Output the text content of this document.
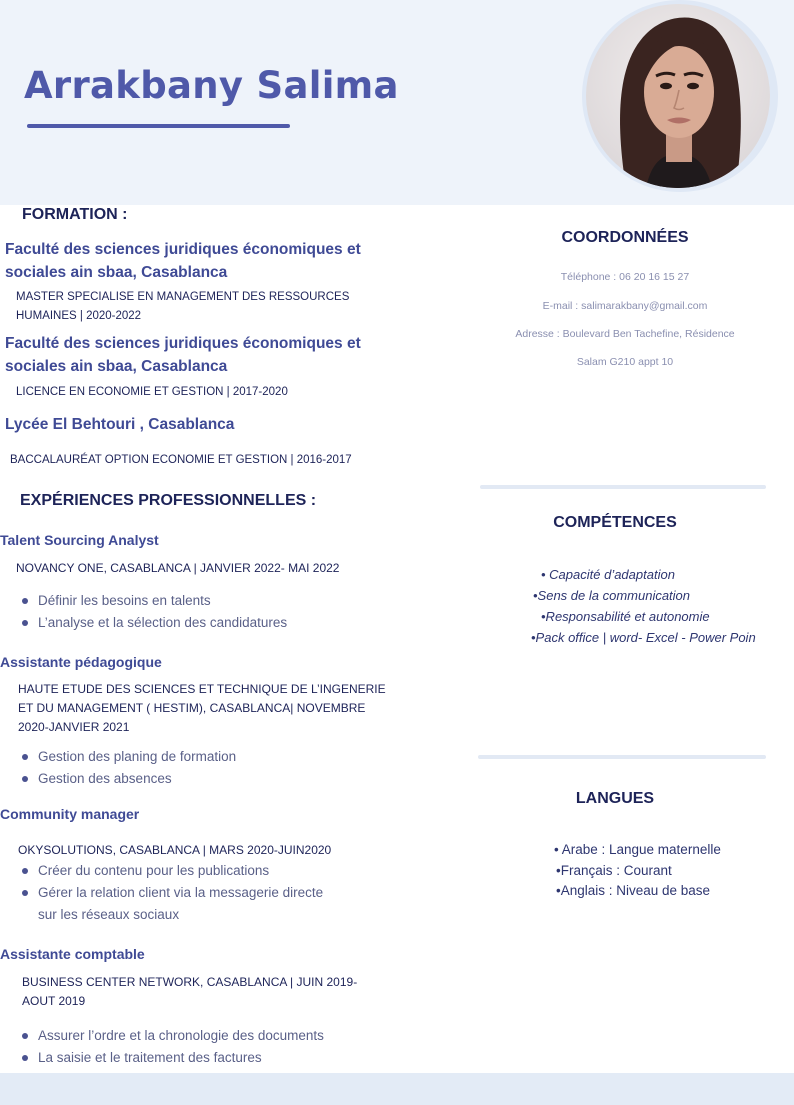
Arrakbany Salima
FORMATION :
Faculté des sciences juridiques économiques et
sociales ain sbaa, Casablanca
MASTER SPECIALISE EN MANAGEMENT DES RESSOURCES
HUMAINES | 2020-2022
Faculté des sciences juridiques économiques et
sociales ain sbaa, Casablanca
LICENCE EN ECONOMIE ET GESTION | 2017-2020
Lycée El Behtouri , Casablanca
BACCALAURÉAT OPTION ECONOMIE ET GESTION | 2016-2017
EXPÉRIENCES PROFESSIONNELLES :
Talent Sourcing Analyst
NOVANCY ONE, CASABLANCA | JANVIER 2022- MAI 2022
Définir les besoins en talents
L’analyse et la sélection des candidatures
Assistante pédagogique
HAUTE ETUDE DES SCIENCES ET TECHNIQUE DE L’INGENERIE
ET DU MANAGEMENT ( HESTIM), CASABLANCA| NOVEMBRE
2020-JANVIER 2021
Gestion des planing de formation
Gestion des absences
Community manager
OKYSOLUTIONS, CASABLANCA | MARS 2020-JUIN2020
Créer du contenu pour les publications
Gérer la relation client via la messagerie directe
sur les réseaux sociaux
Assistante comptable
BUSINESS CENTER NETWORK, CASABLANCA | JUIN 2019-
AOUT 2019
Assurer l’ordre et la chronologie des documents
La saisie et le traitement des factures
COORDONNÉES
Téléphone : 06 20 16 15 27
E-mail : salimarakbany@gmail.com
Adresse : Boulevard Ben Tachefine, Résidence
Salam G210 appt 10
COMPÉTENCES
• Capacité d’adaptation
•Sens de la communication
•Responsabilité et autonomie
•Pack office | word- Excel - Power Poin
LANGUES
• Arabe : Langue maternelle
•Français : Courant
•Anglais : Niveau de base
